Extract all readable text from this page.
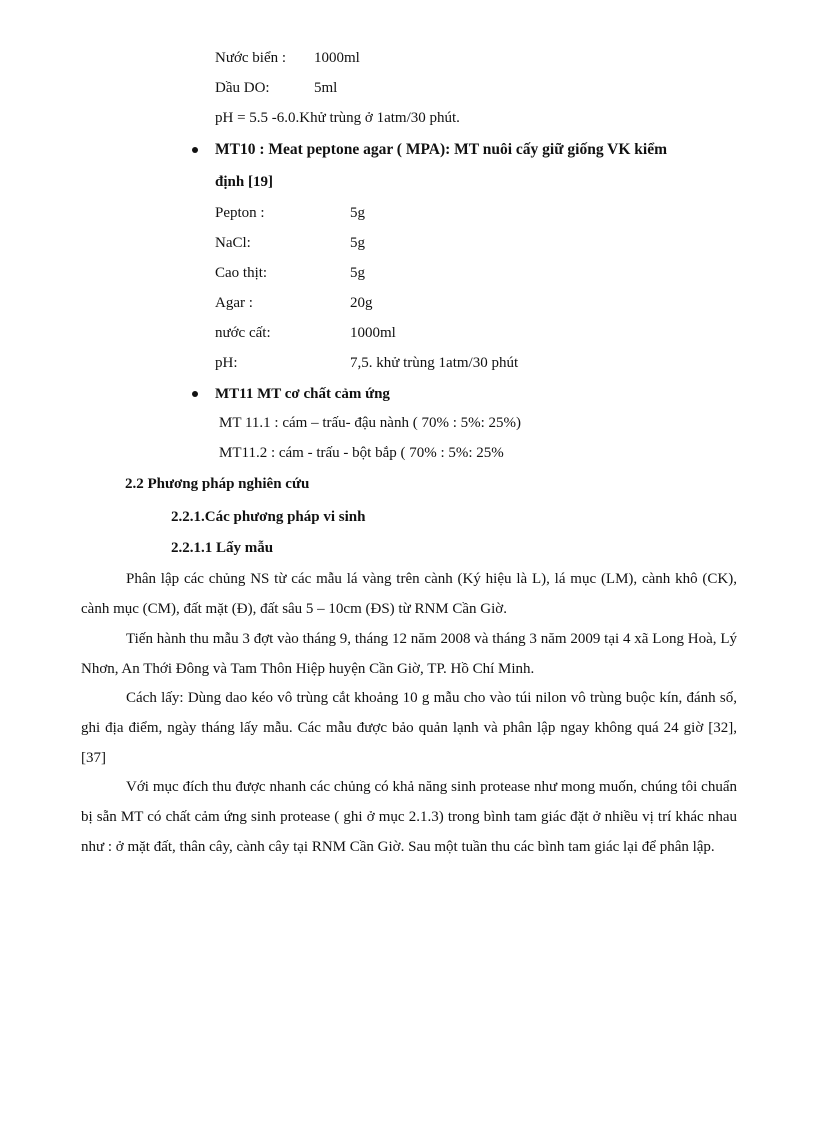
Nước biển : 1000ml
Dầu DO:	5ml
pH = 5.5 -6.0.Khử trùng ở 1atm/30 phút.
MT10 : Meat peptone agar ( MPA): MT nuôi cấy giữ giống VK kiểm
định [19]
Pepton :	5g
NaCl:	5g
Cao thịt:	5g
Agar :	20g
nước cất:	1000ml
pH:	7,5. khử trùng 1atm/30 phút
MT11 MT cơ chất cảm ứng
MT 11.1 : cám – trấu- đậu nành ( 70% : 5%: 25%)
MT11.2 : cám - trấu - bột bắp ( 70% : 5%: 25%
2.2 Phương pháp nghiên cứu
2.2.1.Các phương pháp vi sinh
2.2.1.1 Lấy mẫu
Phân lập các chủng NS từ các mẫu lá vàng trên cành (Ký hiệu là L), lá mục (LM), cành khô (CK), cành mục (CM), đất mặt (Đ), đất sâu 5 – 10cm (ĐS) từ RNM Cần Giờ.
Tiến hành thu mẫu 3 đợt vào tháng 9, tháng 12 năm 2008 và tháng 3 năm 2009 tại 4 xã Long Hoà, Lý Nhơn, An Thới Đông và Tam Thôn Hiệp huyện Cần Giờ, TP. Hồ Chí Minh.
Cách lấy: Dùng dao kéo vô trùng cắt khoảng 10 g mẫu cho vào túi nilon vô trùng buộc kín, đánh số, ghi địa điểm, ngày tháng lấy mẫu. Các mẫu được bảo quản lạnh và phân lập ngay không quá 24 giờ [32], [37]
Với mục đích thu được nhanh các chủng có khả năng sinh protease như mong muốn, chúng tôi chuẩn bị sẵn MT có chất cảm ứng sinh protease ( ghi ở mục 2.1.3) trong bình tam giác đặt ở nhiều vị trí khác nhau như : ở mặt đất, thân cây, cành cây tại RNM Cần Giờ. Sau một tuần thu các bình tam giác lại để phân lập.
